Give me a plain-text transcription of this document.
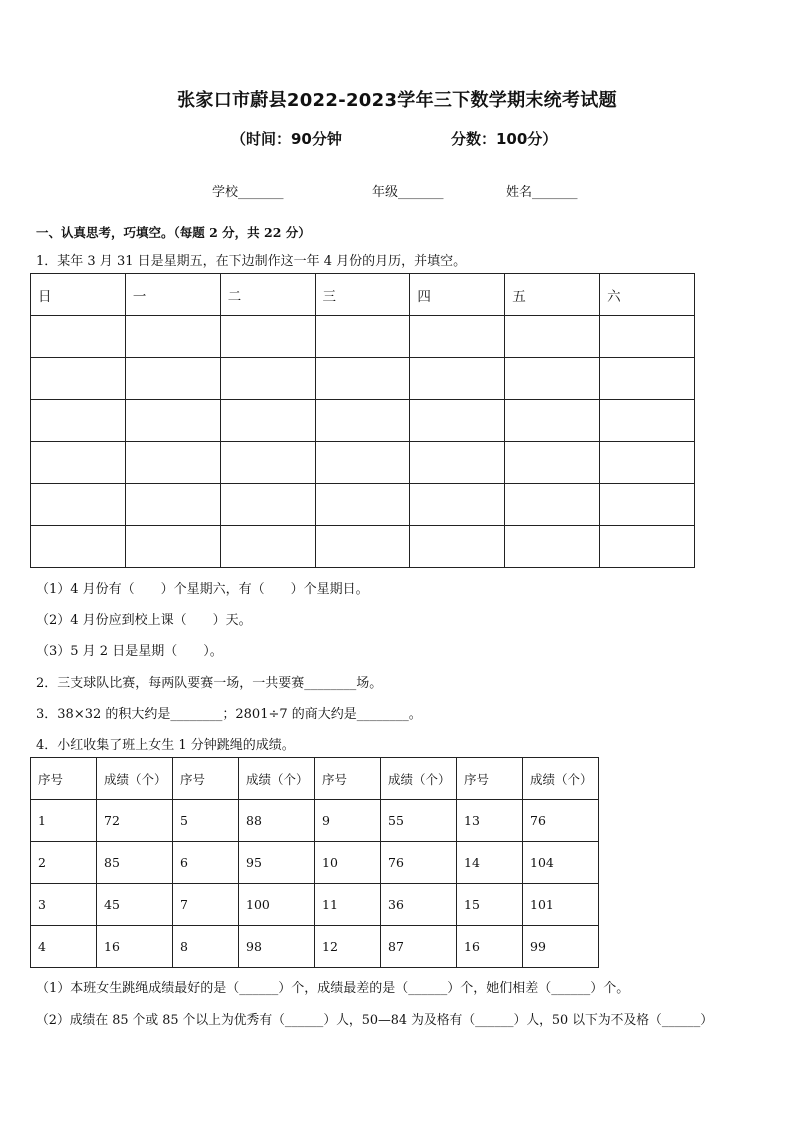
张家口市蔚县2022-2023学年三下数学期末统考试题
（时间：90分钟	分数：100分）
学校_______	年级_______	姓名_______
一、认真思考，巧填空。（每题 2 分，共 22 分）
1．某年 3 月 31 日是星期五，在下边制作这一年 4 月份的月历，并填空。
日	一	二	三	四	五	六

（1）4 月份有（　　）个星期六，有（　　）个星期日。
（2）4 月份应到校上课（　　）天。
（3）5 月 2 日是星期（　　）。
2．三支球队比赛，每两队要赛一场，一共要赛________场。
3．38×32 的积大约是________；2801÷7 的商大约是________。
4．小红收集了班上女生 1 分钟跳绳的成绩。
序号	成绩（个）	序号	成绩（个）	序号	成绩（个）	序号	成绩（个）
1	72	5	88	9	55	13	76
2	85	6	95	10	76	14	104
3	45	7	100	11	36	15	101
4	16	8	98	12	87	16	99
（1）本班女生跳绳成绩最好的是（______）个，成绩最差的是（______）个，她们相差（______）个。
（2）成绩在 85 个或 85 个以上为优秀有（______）人，50—84 为及格有（______）人，50 以下为不及格（______）
